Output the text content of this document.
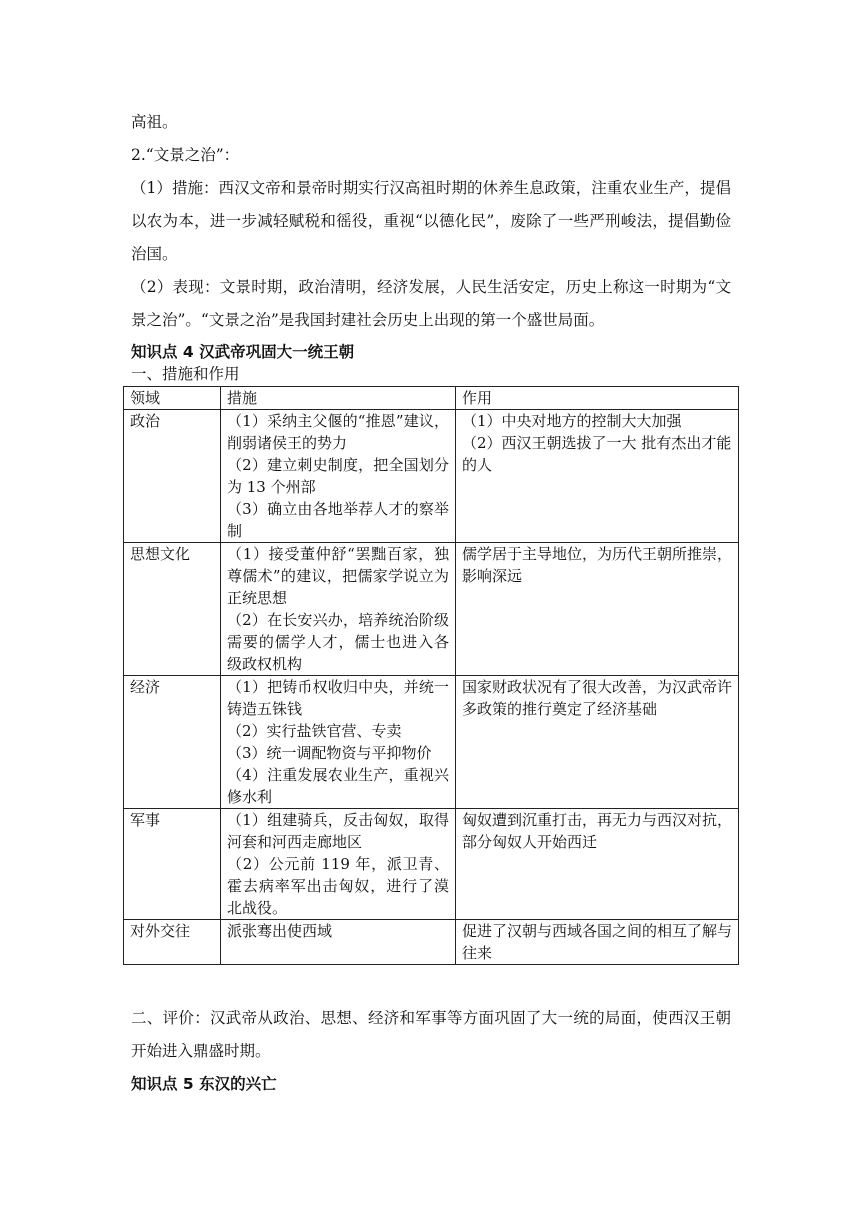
高祖。

2.“文景之治”：

（1）措施：西汉文帝和景帝时期实行汉高祖时期的休养生息政策，注重农业生产，提倡以农为本，进一步减轻赋税和徭役，重视“以德化民”，废除了一些严刑峻法，提倡勤俭治国。

（2）表现：文景时期，政治清明，经济发展，人民生活安定，历史上称这一时期为“文景之治”。“文景之治”是我国封建社会历史上出现的第一个盛世局面。

知识点 4 汉武帝巩固大一统王朝

一、措施和作用

领域	措施	作用
政治	（1）采纳主父偃的“推恩”建议，削弱诸侯王的势力
（2）建立刺史制度，把全国划分为 13 个州部
（3）确立由各地举荐人才的察举制	（1）中央对地方的控制大大加强
（2）西汉王朝选拔了一大 批有杰出才能
的人

思想文化	（1）接受董仲舒“罢黜百家，独尊儒术”的建议，把儒家学说立为正统思想
（2）在长安兴办，培养统治阶级需要的儒学人才，儒士也进入各级政权机构	儒学居于主导地位，为历代王朝所推崇，影响深远

经济	（1）把铸币权收归中央，并统一铸造五铢钱
（2）实行盐铁官营、专卖
（3）统一调配物资与平抑物价
（4）注重发展农业生产，重视兴修水利	国家财政状况有了很大改善，为汉武帝许多政策的推行奠定了经济基础

军事	（1）组建骑兵，反击匈奴，取得河套和河西走廊地区
（2）公元前 119 年，派卫青、霍去病率军出击匈奴，进行了漠北战役。	匈奴遭到沉重打击，再无力与西汉对抗，部分匈奴人开始西迁

对外交往	派张骞出使西域	促进了汉朝与西域各国之间的相互了解与往来

二、评价：汉武帝从政治、思想、经济和军事等方面巩固了大一统的局面，使西汉王朝开始进入鼎盛时期。

知识点 5 东汉的兴亡
